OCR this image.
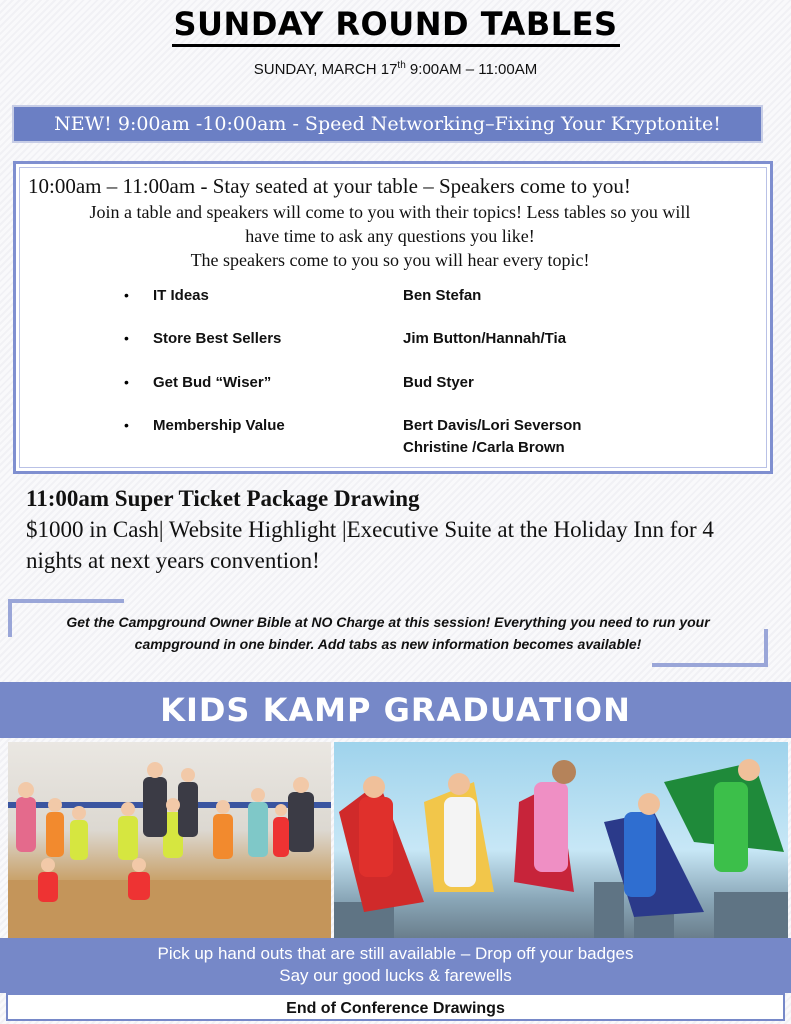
SUNDAY ROUND TABLES
SUNDAY, MARCH 17th 9:00AM – 11:00AM
NEW! 9:00am -10:00am - Speed Networking–Fixing Your Kryptonite!
10:00am – 11:00am - Stay seated at your table – Speakers come to you!
Join a table and speakers will come to you with their topics! Less tables so you will
have time to ask any questions you like!
The speakers come to you so you will hear every topic!
• IT Ideas	Ben Stefan
• Store Best Sellers	Jim Button/Hannah/Tia
• Get Bud “Wiser”	Bud Styer
• Membership Value	Bert Davis/Lori Severson
Christine /Carla Brown
11:00am Super Ticket Package Drawing
$1000 in Cash| Website Highlight |Executive Suite at the Holiday Inn for 4 nights at next years convention!
Get the Campground Owner Bible at NO Charge at this session! Everything you need to run your
campground in one binder. Add tabs as new information becomes available!
KIDS KAMP GRADUATION
Pick up hand outs that are still available – Drop off your badges
Say our good lucks & farewells
End of Conference Drawings
